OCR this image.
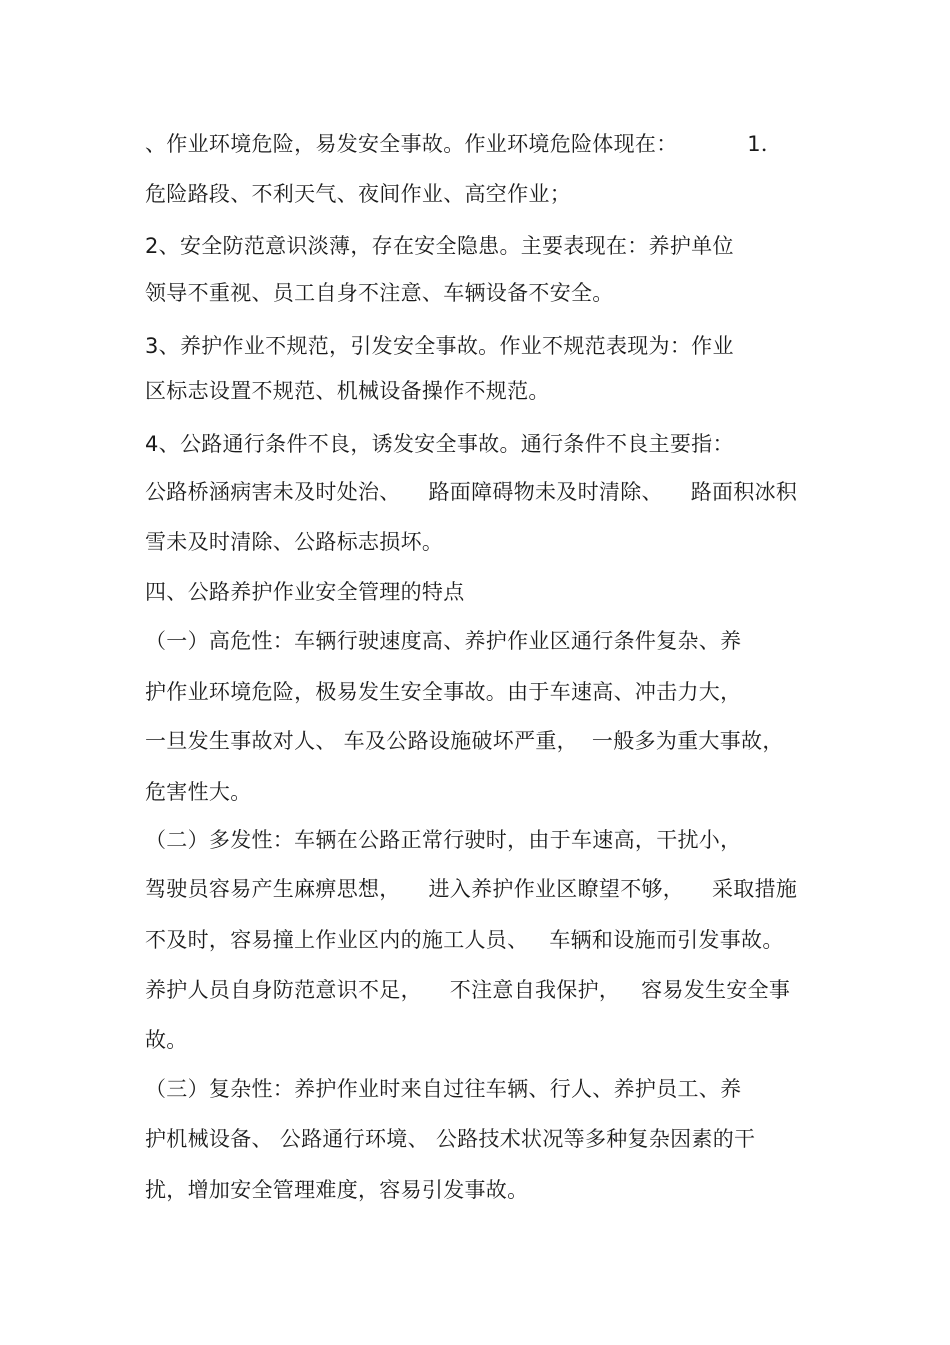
、作业环境危险，易发安全事故。作业环境危险体现在：          1．
危险路段、不利天气、夜间作业、高空作业；
2、安全防范意识淡薄，存在安全隐患。主要表现在：养护单位
领导不重视、员工自身不注意、车辆设备不安全。
3、养护作业不规范，引发安全事故。作业不规范表现为：作业
区标志设置不规范、机械设备操作不规范。
4、公路通行条件不良，诱发安全事故。通行条件不良主要指：
公路桥涵病害未及时处治、    路面障碍物未及时清除、    路面积冰积
雪未及时清除、公路标志损坏。
四、公路养护作业安全管理的特点
（一）高危性：车辆行驶速度高、养护作业区通行条件复杂、养
护作业环境危险，极易发生安全事故。由于车速高、冲击力大，
一旦发生事故对人、 车及公路设施破坏严重，  一般多为重大事故，
危害性大。
（二）多发性：车辆在公路正常行驶时，由于车速高，干扰小，
驾驶员容易产生麻痹思想，    进入养护作业区瞭望不够，    采取措施
不及时，容易撞上作业区内的施工人员、   车辆和设施而引发事故。
养护人员自身防范意识不足，    不注意自我保护，   容易发生安全事
故。
（三）复杂性：养护作业时来自过往车辆、行人、养护员工、养
护机械设备、 公路通行环境、 公路技术状况等多种复杂因素的干
扰，增加安全管理难度，容易引发事故。
